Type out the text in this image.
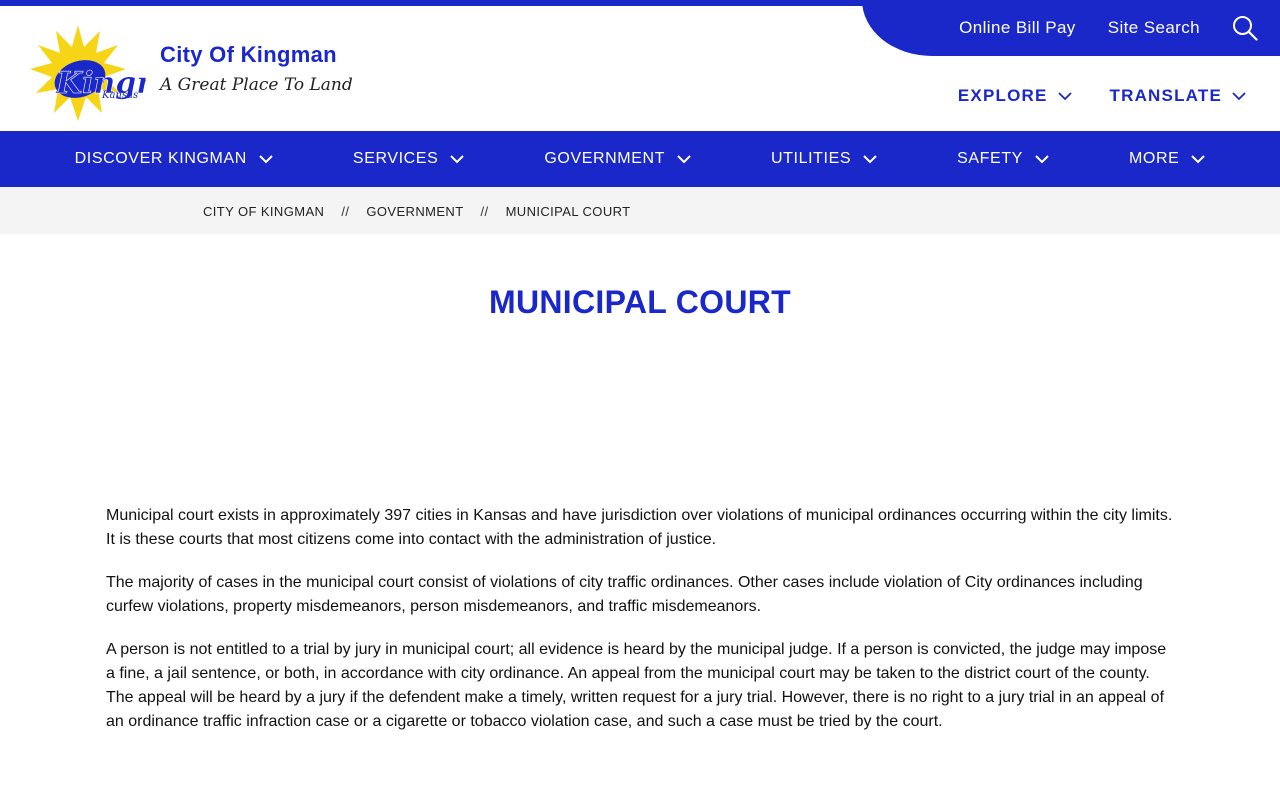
Online Bill Pay Site Search
King
Kansas
City Of Kingman
A Great Place To Land
EXPLORE	TRANSLATE
DISCOVER KINGMAN	SERVICES	GOVERNMENT	UTILITIES	SAFETY	MORE
CITY OF KINGMAN // GOVERNMENT // MUNICIPAL COURT
MUNICIPAL COURT

Municipal court exists in approximately 397 cities in Kansas and have jurisdiction over violations of municipal ordinances occurring within the city limits. It is these courts that most citizens come into contact with the administration of justice.

The majority of cases in the municipal court consist of violations of city traffic ordinances. Other cases include violation of City ordinances including curfew violations, property misdemeanors, person misdemeanors, and traffic misdemeanors.

A person is not entitled to a trial by jury in municipal court; all evidence is heard by the municipal judge. If a person is convicted, the judge may impose a fine, a jail sentence, or both, in accordance with city ordinance. An appeal from the municipal court may be taken to the district court of the county. The appeal will be heard by a jury if the defendent make a timely, written request for a jury trial. However, there is no right to a jury trial in an appeal of an ordinance traffic infraction case or a cigarette or tobacco violation case, and such a case must be tried by the court.
